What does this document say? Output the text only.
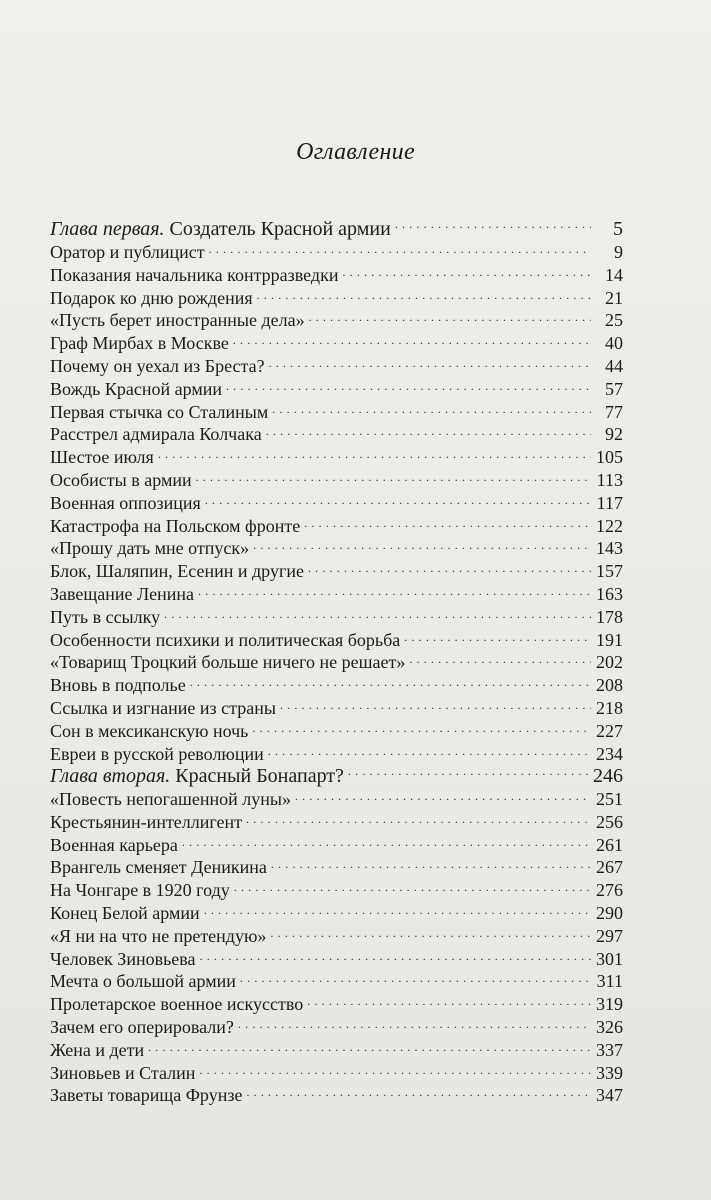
Оглавление
Глава первая. Создатель Красной армии . . .	5
Оратор и публицист . . .	9
Показания начальника контрразведки . . .	14
Подарок ко дню рождения . . .	21
«Пусть берет иностранные дела» . . .	25
Граф Мирбах в Москве . . .	40
Почему он уехал из Бреста? . . .	44
Вождь Красной армии . . .	57
Первая стычка со Сталиным . . .	77
Расстрел адмирала Колчака . . .	92
Шестое июля . . .	105
Особисты в армии . . .	113
Военная оппозиция . . .	117
Катастрофа на Польском фронте . . .	122
«Прошу дать мне отпуск» . . .	143
Блок, Шаляпин, Есенин и другие . . .	157
Завещание Ленина . . .	163
Путь в ссылку . . .	178
Особенности психики и политическая борьба . . .	191
«Товарищ Троцкий больше ничего не решает» . . .	202
Вновь в подполье . . .	208
Ссылка и изгнание из страны . . .	218
Сон в мексиканскую ночь . . .	227
Евреи в русской революции . . .	234
Глава вторая. Красный Бонапарт? . . .	246
«Повесть непогашенной луны» . . .	251
Крестьянин-интеллигент . . .	256
Военная карьера . . .	261
Врангель сменяет Деникина . . .	267
На Чонгаре в 1920 году . . .	276
Конец Белой армии . . .	290
«Я ни на что не претендую» . . .	297
Человек Зиновьева . . .	301
Мечта о большой армии . . .	311
Пролетарское военное искусство . . .	319
Зачем его оперировали? . . .	326
Жена и дети . . .	337
Зиновьев и Сталин . . .	339
Заветы товарища Фрунзе . . .	347
